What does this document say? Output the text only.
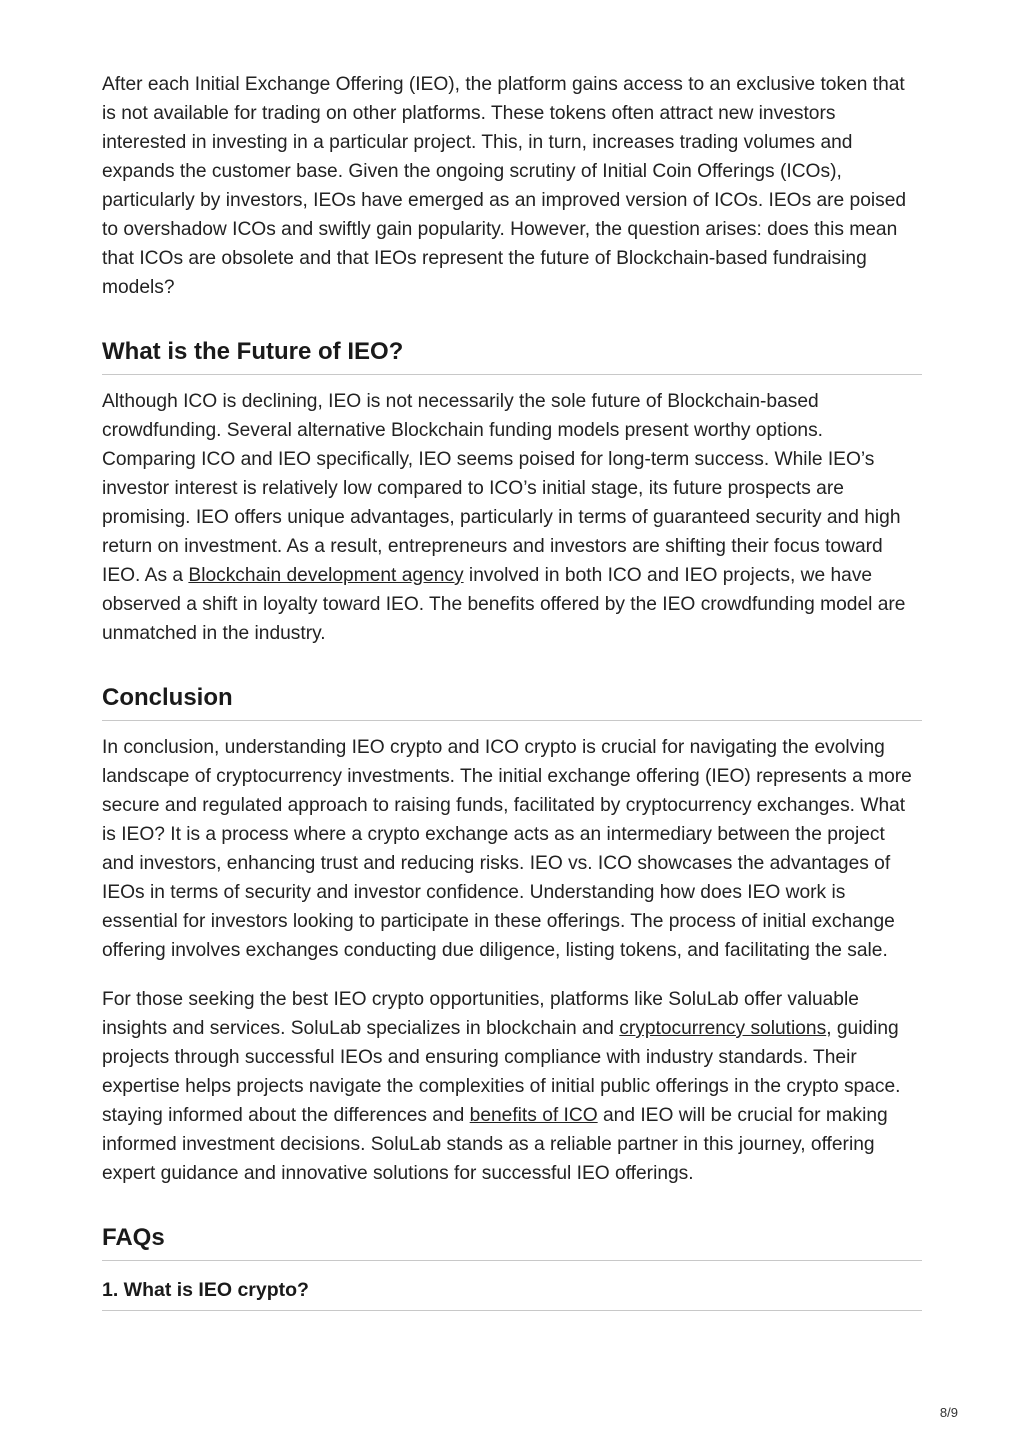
After each Initial Exchange Offering (IEO), the platform gains access to an exclusive token that is not available for trading on other platforms. These tokens often attract new investors interested in investing in a particular project. This, in turn, increases trading volumes and expands the customer base. Given the ongoing scrutiny of Initial Coin Offerings (ICOs), particularly by investors, IEOs have emerged as an improved version of ICOs. IEOs are poised to overshadow ICOs and swiftly gain popularity. However, the question arises: does this mean that ICOs are obsolete and that IEOs represent the future of Blockchain-based fundraising models?

What is the Future of IEO?

Although ICO is declining, IEO is not necessarily the sole future of Blockchain-based crowdfunding. Several alternative Blockchain funding models present worthy options. Comparing ICO and IEO specifically, IEO seems poised for long-term success. While IEO’s investor interest is relatively low compared to ICO’s initial stage, its future prospects are promising. IEO offers unique advantages, particularly in terms of guaranteed security and high return on investment. As a result, entrepreneurs and investors are shifting their focus toward IEO. As a Blockchain development agency involved in both ICO and IEO projects, we have observed a shift in loyalty toward IEO. The benefits offered by the IEO crowdfunding model are unmatched in the industry.

Conclusion

In conclusion, understanding IEO crypto and ICO crypto is crucial for navigating the evolving landscape of cryptocurrency investments. The initial exchange offering (IEO) represents a more secure and regulated approach to raising funds, facilitated by cryptocurrency exchanges. What is IEO? It is a process where a crypto exchange acts as an intermediary between the project and investors, enhancing trust and reducing risks. IEO vs. ICO showcases the advantages of IEOs in terms of security and investor confidence. Understanding how does IEO work is essential for investors looking to participate in these offerings. The process of initial exchange offering involves exchanges conducting due diligence, listing tokens, and facilitating the sale.

For those seeking the best IEO crypto opportunities, platforms like SoluLab offer valuable insights and services. SoluLab specializes in blockchain and cryptocurrency solutions, guiding projects through successful IEOs and ensuring compliance with industry standards. Their expertise helps projects navigate the complexities of initial public offerings in the crypto space. staying informed about the differences and benefits of ICO and IEO will be crucial for making informed investment decisions. SoluLab stands as a reliable partner in this journey, offering expert guidance and innovative solutions for successful IEO offerings.

FAQs
1. What is IEO crypto?
8/9
